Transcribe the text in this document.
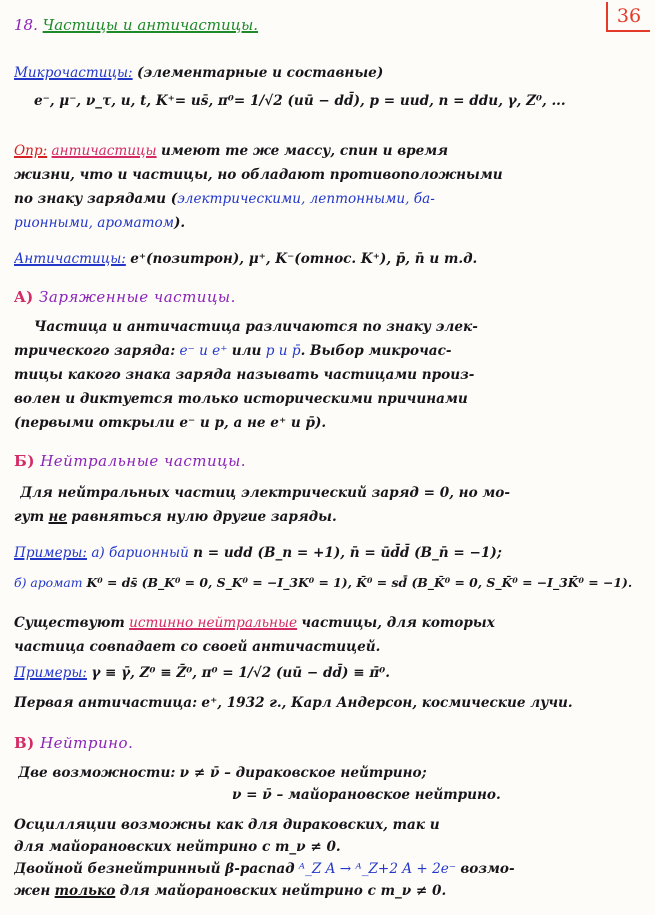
36
18. Частицы и античастицы.
Микрочастицы: (элементарные и составные)
e⁻, μ⁻, ν_τ, u, t, K⁺= us̄, π⁰= 1/√2 (uū − dd̄), p = uud, n = ddu, γ, Z⁰, ...
Опр: античастицы имеют те же массу, спин и время
жизни, что и частицы, но обладают противоположными
по знаку зарядами (электрическими, лептонными, ба-
рионными, ароматом).
Античастицы: e⁺(позитрон), μ⁺, K⁻(относ. K⁺), p̄, n̄ и т.д.
A) Заряженные частицы.
Частица и античастица различаются по знаку элек-
трического заряда: e⁻ и e⁺ или p и p̄. Выбор микрочас-
тицы какого знака заряда называть частицами произ-
волен и диктуется только историческими причинами
(первыми открыли e⁻ и p, а не e⁺ и p̄).
Б) Нейтральные частицы.
Для нейтральных частиц электрический заряд = 0, но мо-
гут не равняться нулю другие заряды.
Примеры: а) барионный n = udd (B_n = +1), n̄ = ūd̄d̄ (B_n̄ = −1);
б) аромат K⁰ = ds̄ (B_K⁰ = 0, S_K⁰ = −I_3K⁰ = 1), K̄⁰ = sd̄ (B_K̄⁰ = 0, S_K̄⁰ = −I_3K̄⁰ = −1).
Существуют истинно нейтральные частицы, для которых
частица совпадает со своей античастицей.
Примеры: γ ≡ γ̄, Z⁰ ≡ Z̄⁰, π⁰ = 1/√2 (uū − dd̄) ≡ π̄⁰.
Первая античастица: e⁺, 1932 г., Карл Андерсон, космические лучи.
В) Нейтрино.
Две возможности: ν ≠ ν̄ – дираковское нейтрино;
ν = ν̄ – майорановское нейтрино.
Осцилляции возможны как для дираковских, так и
для майорановских нейтрино с m_ν ≠ 0.
Двойной безнейтринный β-распад ᴬ_Z A → ᴬ_Z+2 A + 2e⁻ возмо-
жен только для майорановских нейтрино с m_ν ≠ 0.
